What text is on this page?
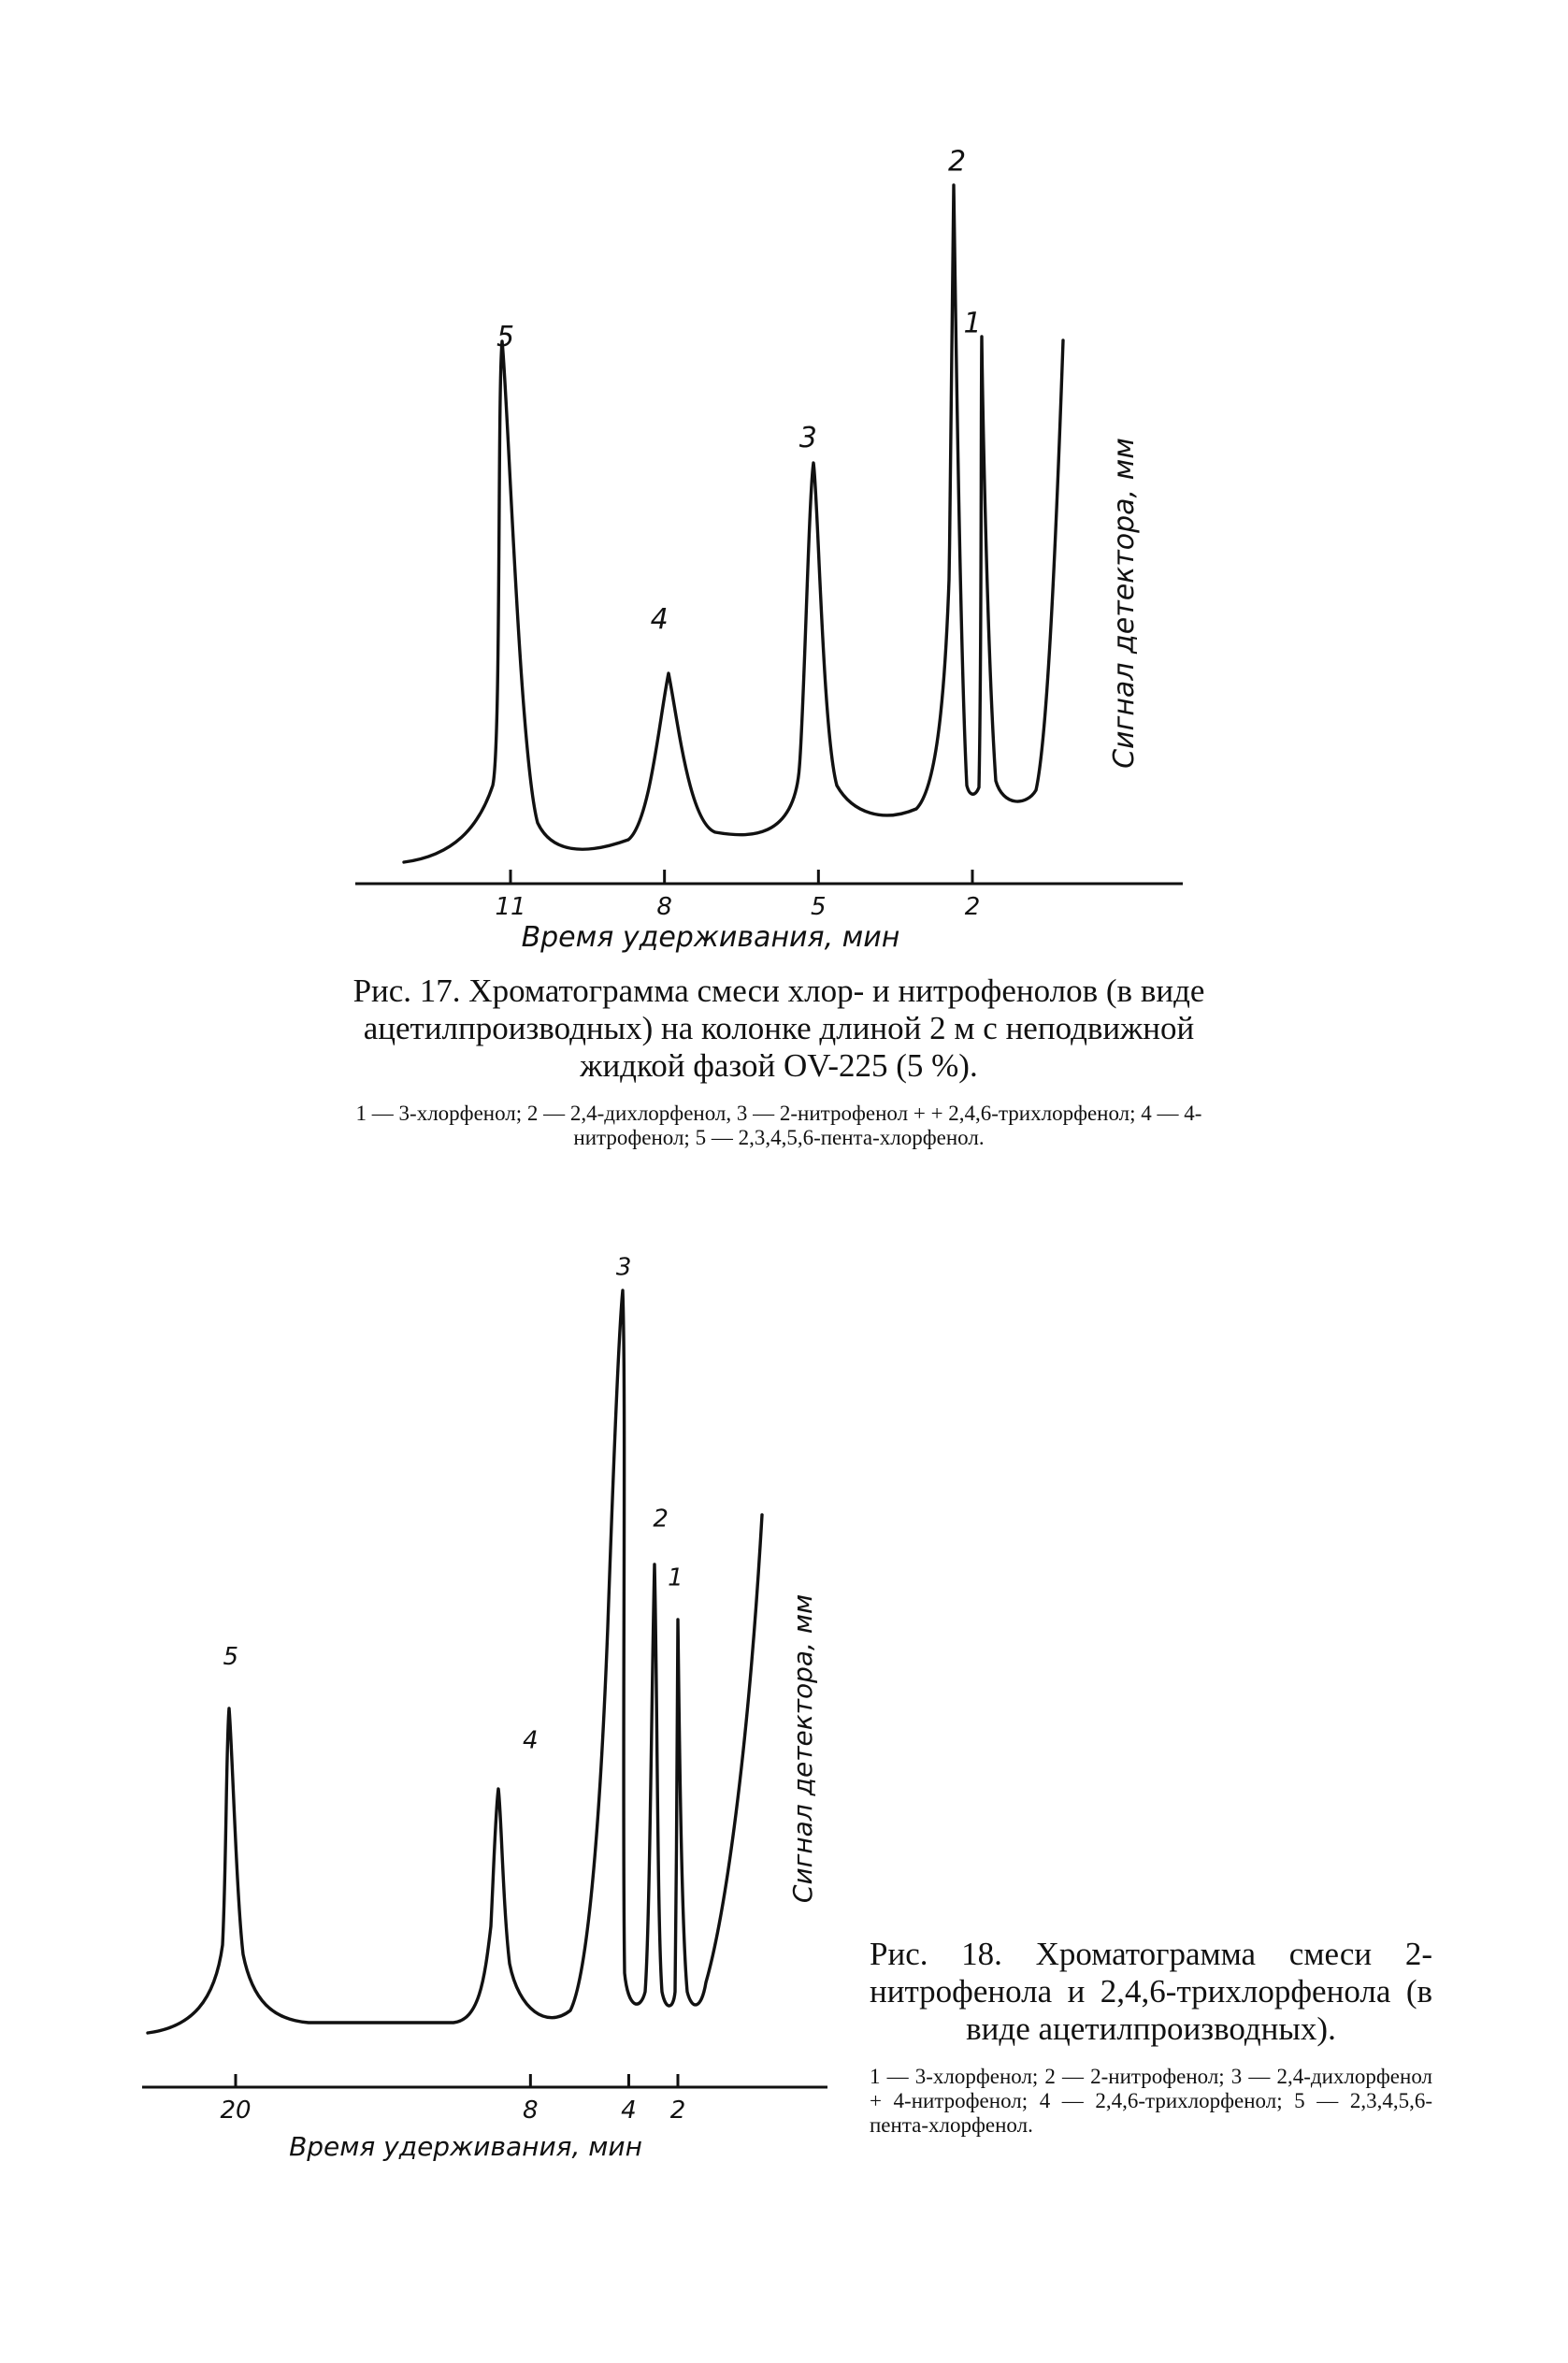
11	8	5	2
5
4
3
2
1
Время удерживания, мин
Сигнал детектора, мм
20	8	4 2
5
4
3
2
1
Время удерживания, мин
Сигнал детектора, мм
Рис. 17. Хроматограмма смеси хлор- и нитрофенолов (в виде ацетилпроизводных) на колонке длиной 2 м с неподвижной жидкой фазой OV-225 (5 %).
1 — 3-хлорфенол; 2 — 2,4-дихлорфенол, 3 — 2-нитрофенол + + 2,4,6-трихлорфенол; 4 — 4-нитрофенол; 5 — 2,3,4,5,6-пента-хлорфенол.
Рис. 18. Хроматограмма смеси 2-нитрофенола и 2,4,6-трихлорфенола (в виде ацетилпроизводных).
1 — 3-хлорфенол; 2 — 2-нитрофенол; 3 — 2,4-дихлорфенол + 4-нитрофенол; 4 — 2,4,6-трихлорфенол; 5 — 2,3,4,5,6-пента-хлорфенол.
